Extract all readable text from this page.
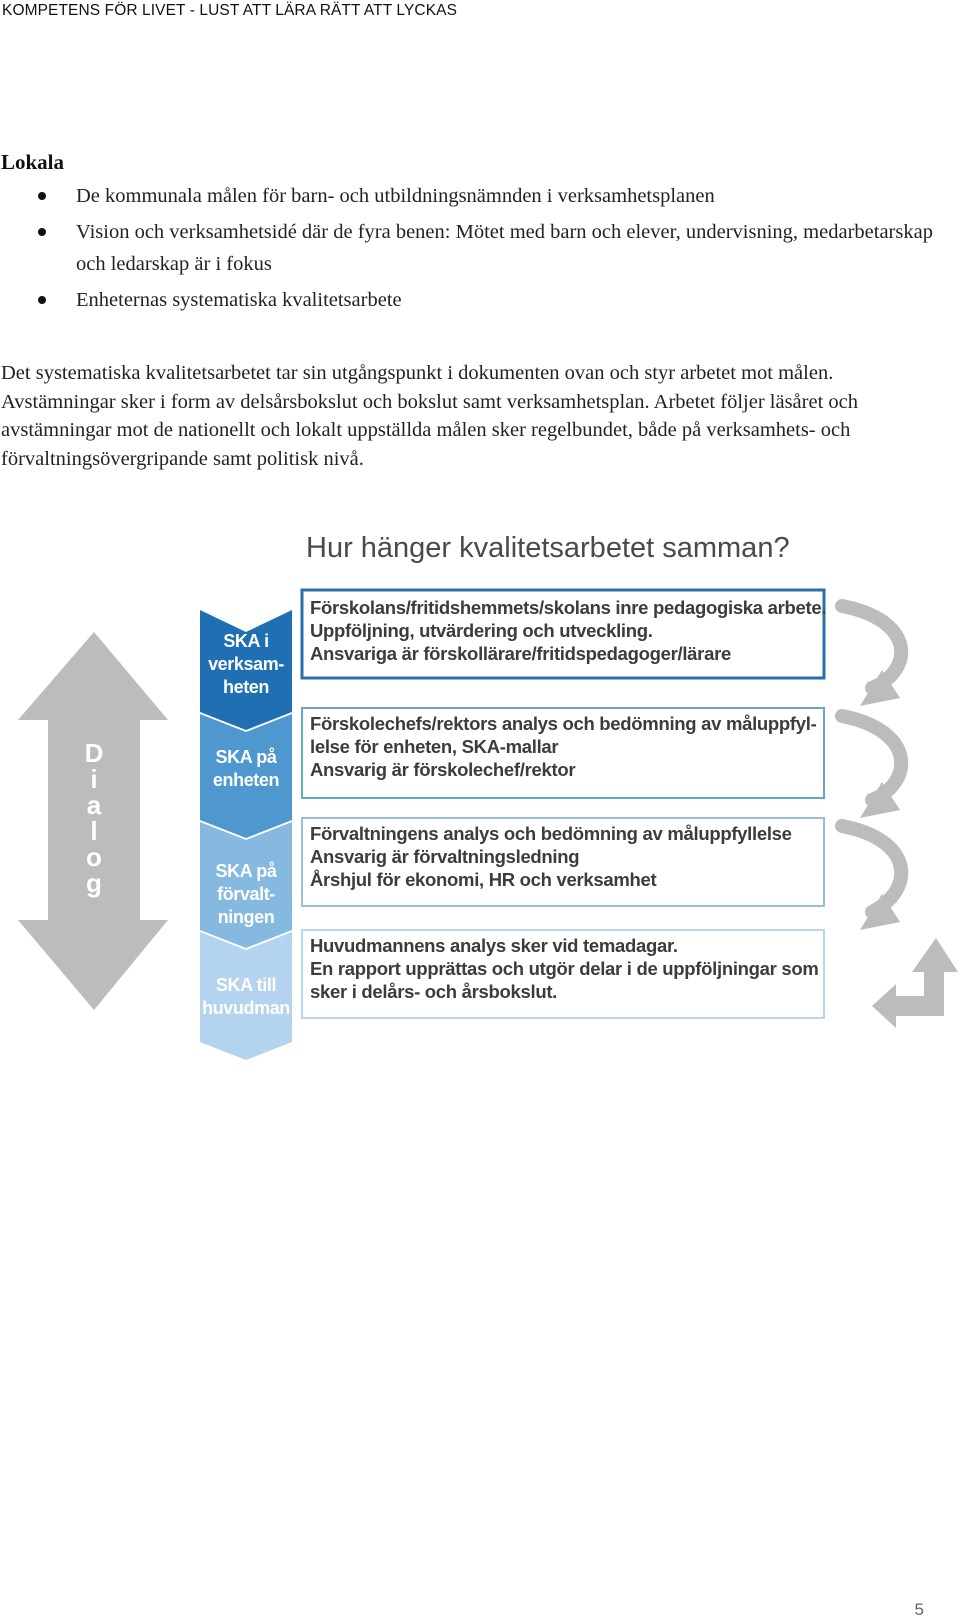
KOMPETENS FÖR LIVET - LUST ATT LÄRA RÄTT ATT LYCKAS
Lokala
De kommunala målen för barn- och utbildningsnämnden i verksamhetsplanen
Vision och verksamhetsidé där de fyra benen: Mötet med barn och elever, undervisning, medarbetarskap och ledarskap är i fokus
Enheternas systematiska kvalitetsarbete

Det systematiska kvalitetsarbetet tar sin utgångspunkt i dokumenten ovan och styr arbetet mot målen. Avstämningar sker i form av delsårsbokslut och bokslut samt verksamhetsplan. Arbetet följer läsåret och avstämningar mot de nationellt och lokalt uppställda målen sker regelbundet, både på verksamhets- och förvaltningsövergripande samt politisk nivå.

Hur hänger kvalitetsarbetet samman?
D
i
a
l
o
g
SKA i
verksam-
heten
SKA på
enheten
SKA på
förvalt-
ningen
SKA till
huvudman
Förskolans/fritidshemmets/skolans inre pedagogiska arbete.
Uppföljning, utvärdering och utveckling.
Ansvariga är förskollärare/fritidspedagoger/lärare
Förskolechefs/rektors analys och bedömning av måluppfyl-
lelse för enheten, SKA-mallar
Ansvarig är förskolechef/rektor
Förvaltningens analys och bedömning av måluppfyllelse
Ansvarig är förvaltningsledning
Årshjul för ekonomi, HR och verksamhet
Huvudmannens analys sker vid temadagar.
En rapport upprättas och utgör delar i de uppföljningar som
sker i delårs- och årsbokslut.
5
